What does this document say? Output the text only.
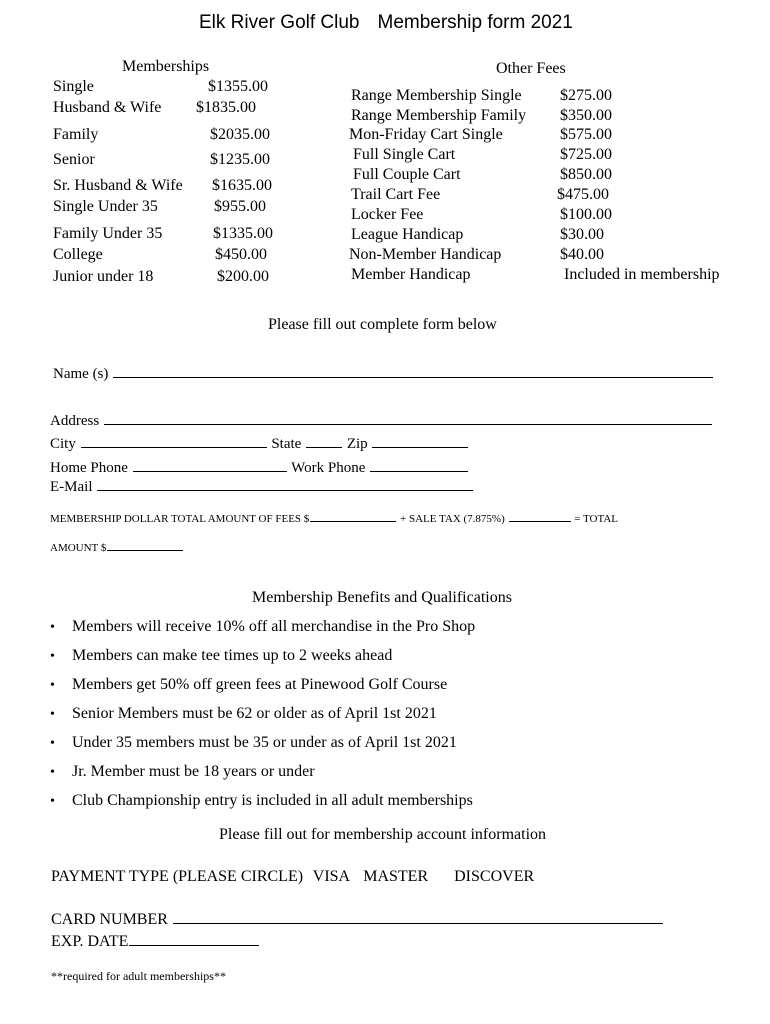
Elk River Golf Club Membership form 2021
Memberships
Single	$1355.00
Husband & Wife $1835.00
Family	$2035.00
Senior	$1235.00
Sr. Husband & Wife $1635.00
Single Under 35	$955.00
Family Under 35	$1335.00
College	$450.00
Junior under 18	$200.00
Other Fees
Range Membership Single $275.00
Range Membership Family $350.00
Mon-Friday Cart Single	$575.00
Full Single Cart	$725.00
Full Couple Cart	$850.00
Trail Cart Fee	$475.00
Locker Fee	$100.00
League Handicap	$30.00
Non-Member Handicap	$40.00
Member Handicap	Included in membership
Please fill out complete form below
Name (s)
Address
City	State	Zip
Home Phone	Work Phone
E-Mail
MEMBERSHIP DOLLAR TOTAL AMOUNT OF FEES $	+ SALE TAX (7.875%)	= TOTAL
AMOUNT $
Membership Benefits and Qualifications
• Members will receive 10% off all merchandise in the Pro Shop
• Members can make tee times up to 2 weeks ahead
• Members get 50% off green fees at Pinewood Golf Course
• Senior Members must be 62 or older as of April 1st 2021
• Under 35 members must be 35 or under as of April 1st 2021
• Jr. Member must be 18 years or under
• Club Championship entry is included in all adult memberships
Please fill out for membership account information
PAYMENT TYPE (PLEASE CIRCLE) VISA MASTER DISCOVER
CARD NUMBER
EXP. DATE
**required for adult memberships**
